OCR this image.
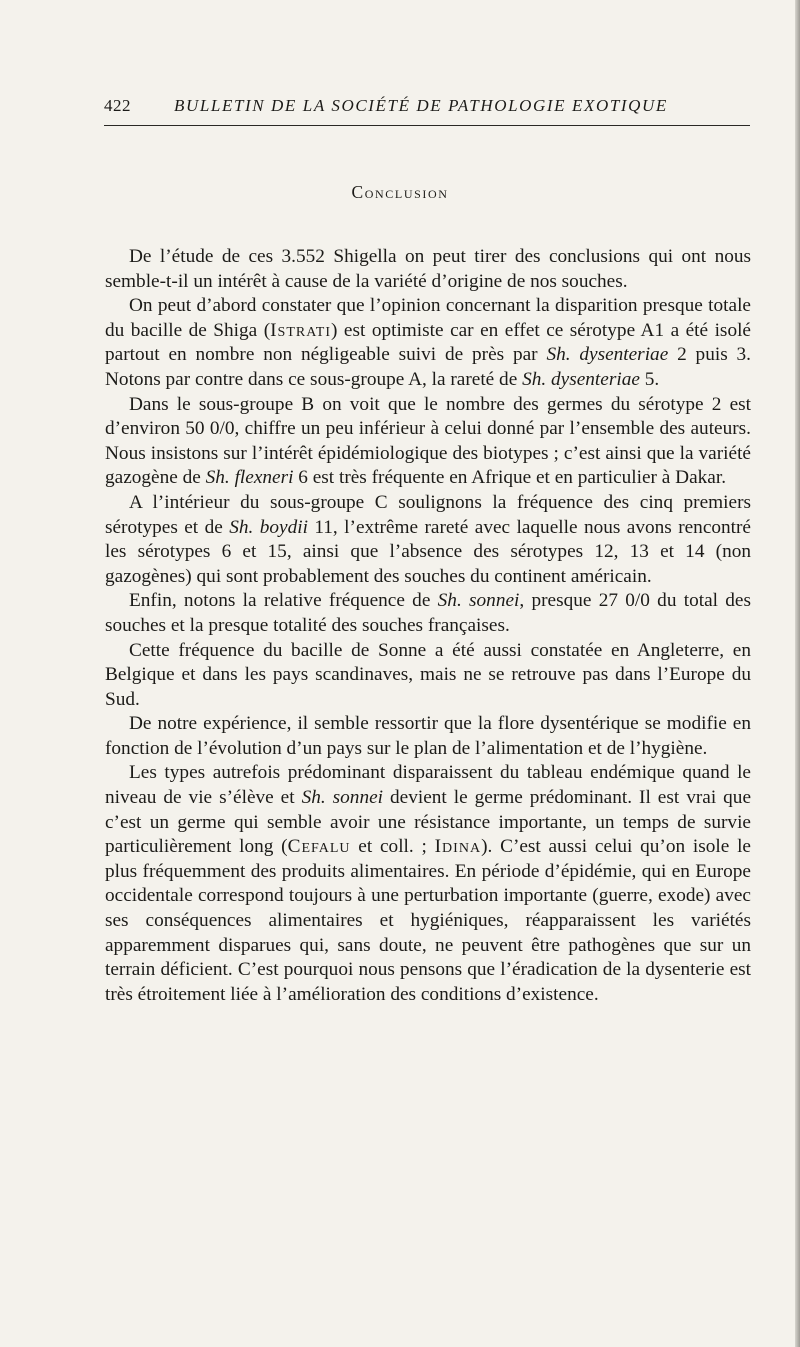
422	BULLETIN DE LA SOCIÉTÉ DE PATHOLOGIE EXOTIQUE
Conclusion

De l’étude de ces 3.552 Shigella on peut tirer des conclusions qui ont nous semble-t-il un intérêt à cause de la variété d’origine de nos souches.

On peut d’abord constater que l’opinion concernant la disparition presque totale du bacille de Shiga (Istrati) est optimiste car en effet ce sérotype A1 a été isolé partout en nombre non négligeable suivi de près par Sh. dysenteriae 2 puis 3. Notons par contre dans ce sous-groupe A, la rareté de Sh. dysenteriae 5.

Dans le sous-groupe B on voit que le nombre des germes du sérotype 2 est d’environ 50 0/0, chiffre un peu inférieur à celui donné par l’ensemble des auteurs. Nous insistons sur l’intérêt épidémiologique des biotypes ; c’est ainsi que la variété gazogène de Sh. flexneri 6 est très fréquente en Afrique et en particulier à Dakar.

A l’intérieur du sous-groupe C soulignons la fréquence des cinq premiers sérotypes et de Sh. boydii 11, l’extrême rareté avec laquelle nous avons rencontré les sérotypes 6 et 15, ainsi que l’absence des sérotypes 12, 13 et 14 (non gazogènes) qui sont probablement des souches du continent américain.

Enfin, notons la relative fréquence de Sh. sonnei, presque 27 0/0 du total des souches et la presque totalité des souches françaises.

Cette fréquence du bacille de Sonne a été aussi constatée en Angleterre, en Belgique et dans les pays scandinaves, mais ne se retrouve pas dans l’Europe du Sud.

De notre expérience, il semble ressortir que la flore dysentérique se modifie en fonction de l’évolution d’un pays sur le plan de l’alimentation et de l’hygiène.

Les types autrefois prédominant disparaissent du tableau endémique quand le niveau de vie s’élève et Sh. sonnei devient le germe prédominant. Il est vrai que c’est un germe qui semble avoir une résistance importante, un temps de survie particulièrement long (Cefalu et coll. ; Idina). C’est aussi celui qu’on isole le plus fréquemment des produits alimentaires. En période d’épidémie, qui en Europe occidentale correspond toujours à une perturbation importante (guerre, exode) avec ses conséquences alimentaires et hygiéniques, réapparaissent les variétés apparemment disparues qui, sans doute, ne peuvent être pathogènes que sur un terrain déficient. C’est pourquoi nous pensons que l’éradication de la dysenterie est très étroitement liée à l’amélioration des conditions d’existence.
